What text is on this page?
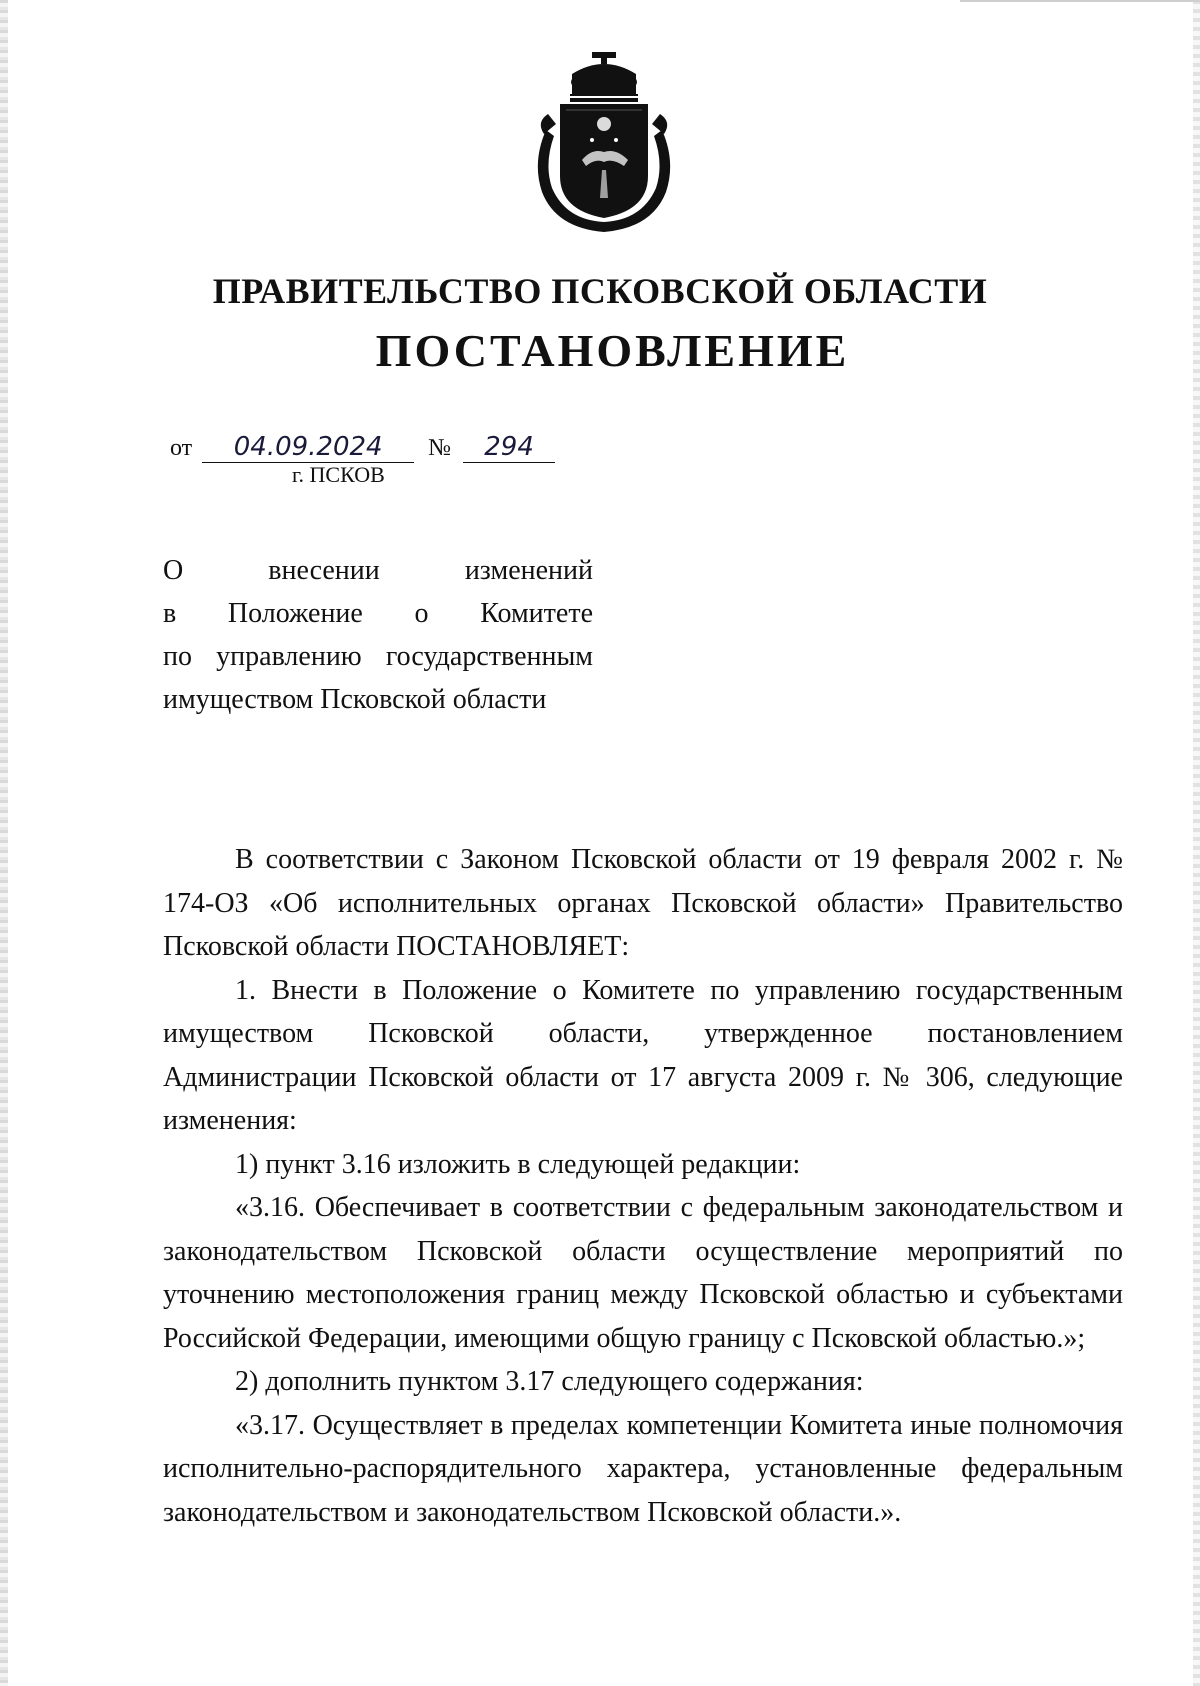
ПРАВИТЕЛЬСТВО ПСКОВСКОЙ ОБЛАСТИ
ПОСТАНОВЛЕНИЕ
от 04.09.2024 № 294
г. ПСКОВ
О внесении изменений
в Положение о Комитете
по управлению государственным
имуществом Псковской области

В соответствии с Законом Псковской области от 19 февраля 2002 г. № 174-ОЗ «Об исполнительных органах Псковской области» Правительство Псковской области ПОСТАНОВЛЯЕТ:

1. Внести в Положение о Комитете по управлению государственным имуществом Псковской области, утвержденное постановлением Администрации Псковской области от 17 августа 2009 г. № 306, следующие изменения:

1) пункт 3.16 изложить в следующей редакции:

«3.16. Обеспечивает в соответствии с федеральным законодательством и законодательством Псковской области осуществление мероприятий по уточнению местоположения границ между Псковской областью и субъектами Российской Федерации, имеющими общую границу с Псковской областью.»;

2) дополнить пунктом 3.17 следующего содержания:

«3.17. Осуществляет в пределах компетенции Комитета иные полномочия исполнительно-распорядительного характера, установленные федеральным законодательством и законодательством Псковской области.».
